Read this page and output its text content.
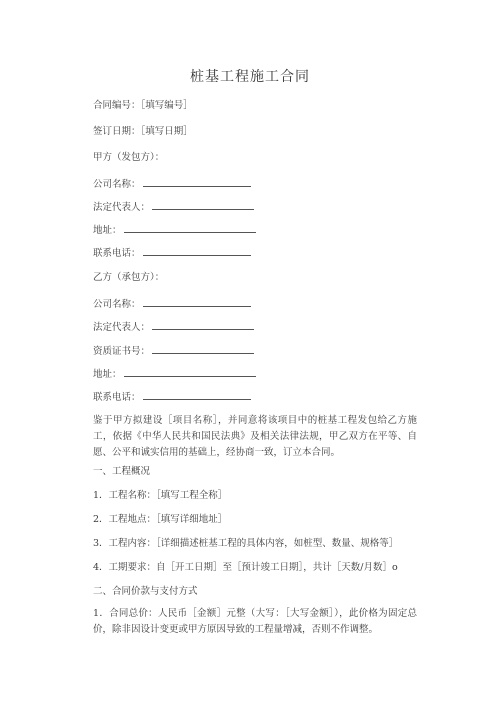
桩基工程施工合同
合同编号：［填写编号］
签订日期：［填写日期］
甲方（发包方）：
公司名称：
法定代表人：
地址：
联系电话：
乙方（承包方）：
公司名称：
法定代表人：
资质证书号：
地址：
联系电话：
鉴于甲方拟建设［项目名称］，并同意将该项目中的桩基工程发包给乙方施工，依据《中华人民共和国民法典》及相关法律法规，甲乙双方在平等、自愿、公平和诚实信用的基础上，经协商一致，订立本合同。
一、工程概况
1．工程名称：［填写工程全称］
2．工程地点：［填写详细地址］
3．工程内容：［详细描述桩基工程的具体内容，如桩型、数量、规格等］
4．工期要求：自［开工日期］至［预计竣工日期］，共计［天数/月数］o
二、合同价款与支付方式
1．合同总价：人民币［金额］元整（大写：［大写金额］），此价格为固定总价，除非因设计变更或甲方原因导致的工程量增减，否则不作调整。
